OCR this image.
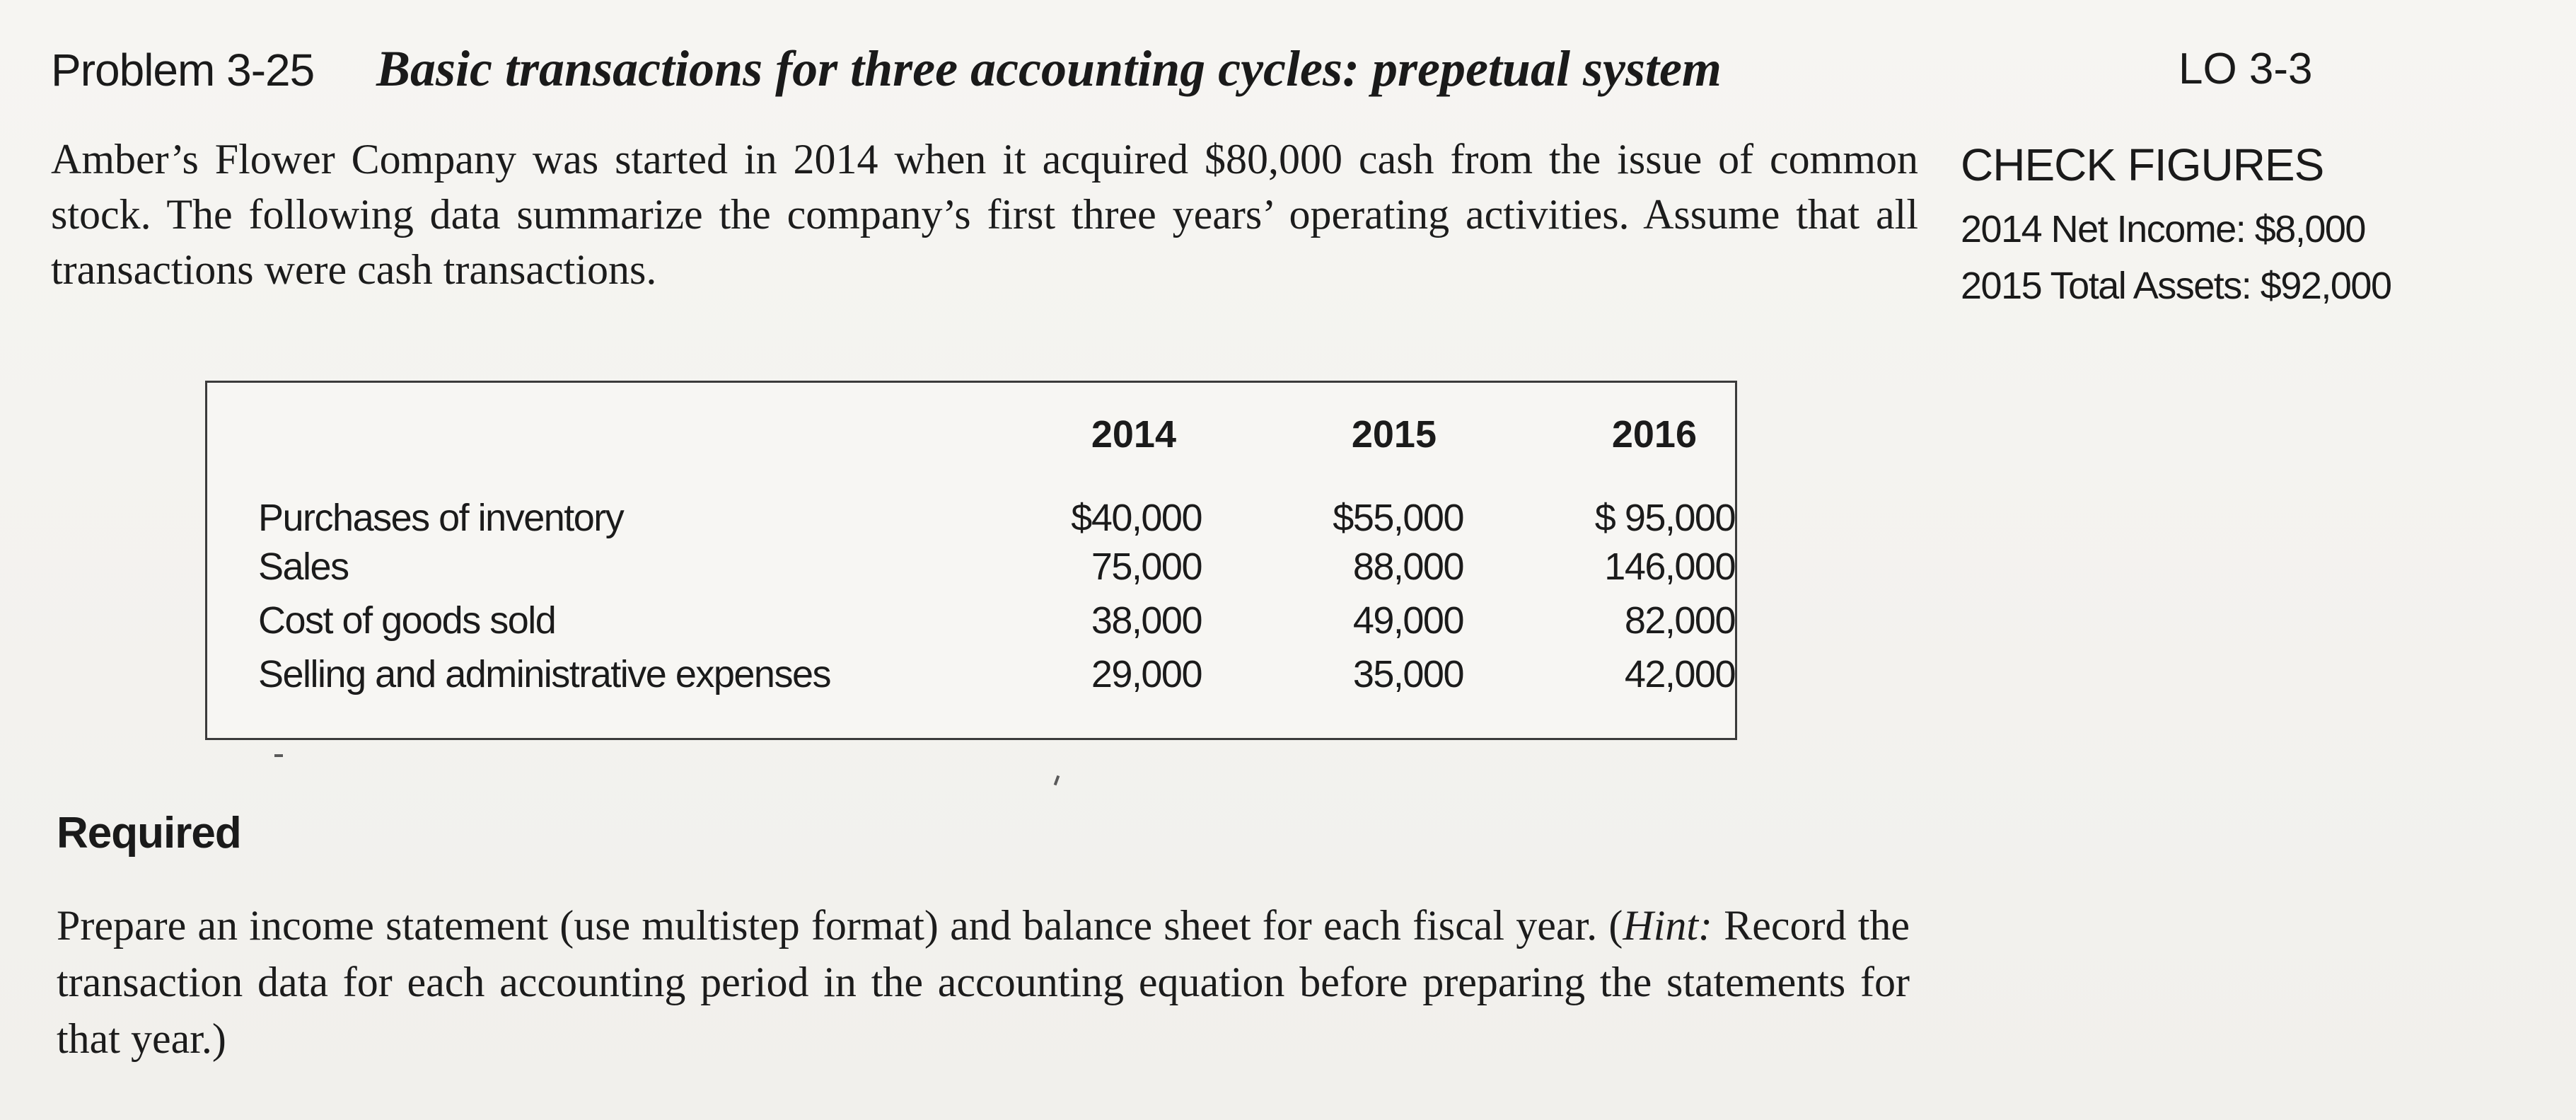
Problem 3-25 Basic transactions for three accounting cycles: prepetual system	LO 3-3

Amber’s Flower Company was started in 2014 when it acquired $80,000 cash from the issue of common stock. The following data summarize the company’s first three years’ operating activities. Assume that all transactions were cash transactions.

CHECK FIGURES
2014 Net Income: $8,000
2015 Total Assets: $92,000
	2014	2015	2016
Purchases of inventory	$40,000	$55,000	$ 95,000
Sales	75,000	88,000	146,000
Cost of goods sold	38,000	49,000	82,000
Selling and administrative expenses	29,000	35,000	42,000
Required

Prepare an income statement (use multistep format) and balance sheet for each fiscal year. (Hint: Record the transaction data for each accounting period in the accounting equation before preparing the statements for that year.)
